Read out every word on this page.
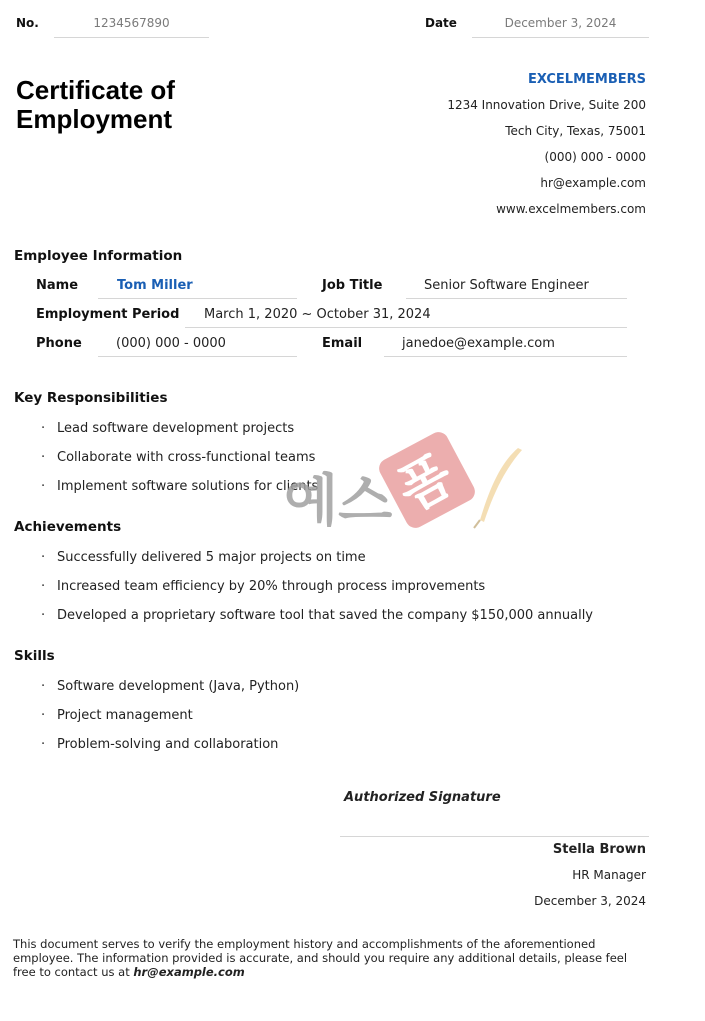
No.	1234567890	Date	December 3, 2024
Certificate of
Employment
EXCELMEMBERS
1234 Innovation Drive, Suite 200
Tech City, Texas, 75001
(000) 000 - 0000
hr@example.com
www.excelmembers.com
Employee Information
Name	Tom Miller	Job Title	Senior Software Engineer
Employment Period	March 1, 2020 ~ October 31, 2024
Phone	(000) 000 - 0000	Email	janedoe@example.com
Key Responsibilities
· Lead software development projects
· Collaborate with cross-functional teams
· Implement software solutions for clients
Achievements
· Successfully delivered 5 major projects on time
· Increased team efficiency by 20% through process improvements
· Developed a proprietary software tool that saved the company $150,000 annually
Skills
· Software development (Java, Python)
· Project management
· Problem-solving and collaboration
예스
폼
Authorized Signature
Stella Brown
HR Manager
December 3, 2024
This document serves to verify the employment history and accomplishments of the aforementioned employee. The information provided is accurate, and should you require any additional details, please feel free to contact us at hr@example.com
